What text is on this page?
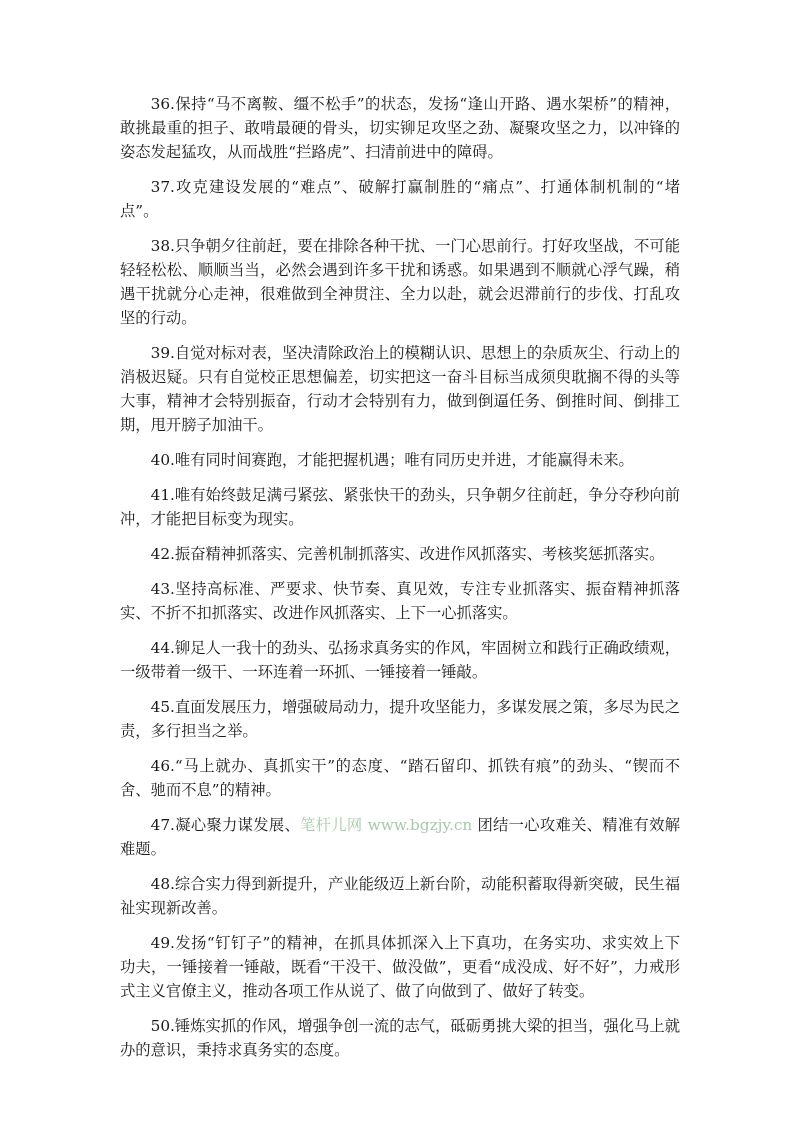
36.保持“马不离鞍、缰不松手”的状态，发扬“逢山开路、遇水架桥”的精神，敢挑最重的担子、敢啃最硬的骨头，切实铆足攻坚之劲、凝聚攻坚之力，以冲锋的姿态发起猛攻，从而战胜“拦路虎”、扫清前进中的障碍。

37.攻克建设发展的“难点”、破解打赢制胜的“痛点”、打通体制机制的“堵点”。

38.只争朝夕往前赶，要在排除各种干扰、一门心思前行。打好攻坚战，不可能轻轻松松、顺顺当当，必然会遇到许多干扰和诱惑。如果遇到不顺就心浮气躁，稍遇干扰就分心走神，很难做到全神贯注、全力以赴，就会迟滞前行的步伐、打乱攻坚的行动。

39.自觉对标对表，坚决清除政治上的模糊认识、思想上的杂质灰尘、行动上的消极迟疑。只有自觉校正思想偏差，切实把这一奋斗目标当成须臾耽搁不得的头等大事，精神才会特别振奋，行动才会特别有力，做到倒逼任务、倒推时间、倒排工期，甩开膀子加油干。

40.唯有同时间赛跑，才能把握机遇；唯有同历史并进，才能赢得未来。

41.唯有始终鼓足满弓紧弦、紧张快干的劲头，只争朝夕往前赶，争分夺秒向前冲，才能把目标变为现实。

42.振奋精神抓落实、完善机制抓落实、改进作风抓落实、考核奖惩抓落实。

43.坚持高标准、严要求、快节奏、真见效，专注专业抓落实、振奋精神抓落实、不折不扣抓落实、改进作风抓落实、上下一心抓落实。

44.铆足人一我十的劲头、弘扬求真务实的作风，牢固树立和践行正确政绩观，一级带着一级干、一环连着一环抓、一锤接着一锤敲。

45.直面发展压力，增强破局动力，提升攻坚能力，多谋发展之策，多尽为民之责，多行担当之举。

46.“马上就办、真抓实干”的态度、“踏石留印、抓铁有痕”的劲头、“锲而不舍、驰而不息”的精神。

47.凝心聚力谋发展、笔杆儿网 www.bgzjy.cn 团结一心攻难关、精准有效解难题。

48.综合实力得到新提升，产业能级迈上新台阶，动能积蓄取得新突破，民生福祉实现新改善。

49.发扬“钉钉子”的精神，在抓具体抓深入上下真功，在务实功、求实效上下功夫，一锤接着一锤敲，既看“干没干、做没做”，更看“成没成、好不好”，力戒形式主义官僚主义，推动各项工作从说了、做了向做到了、做好了转变。

50.锤炼实抓的作风，增强争创一流的志气，砥砺勇挑大梁的担当，强化马上就办的意识，秉持求真务实的态度。
